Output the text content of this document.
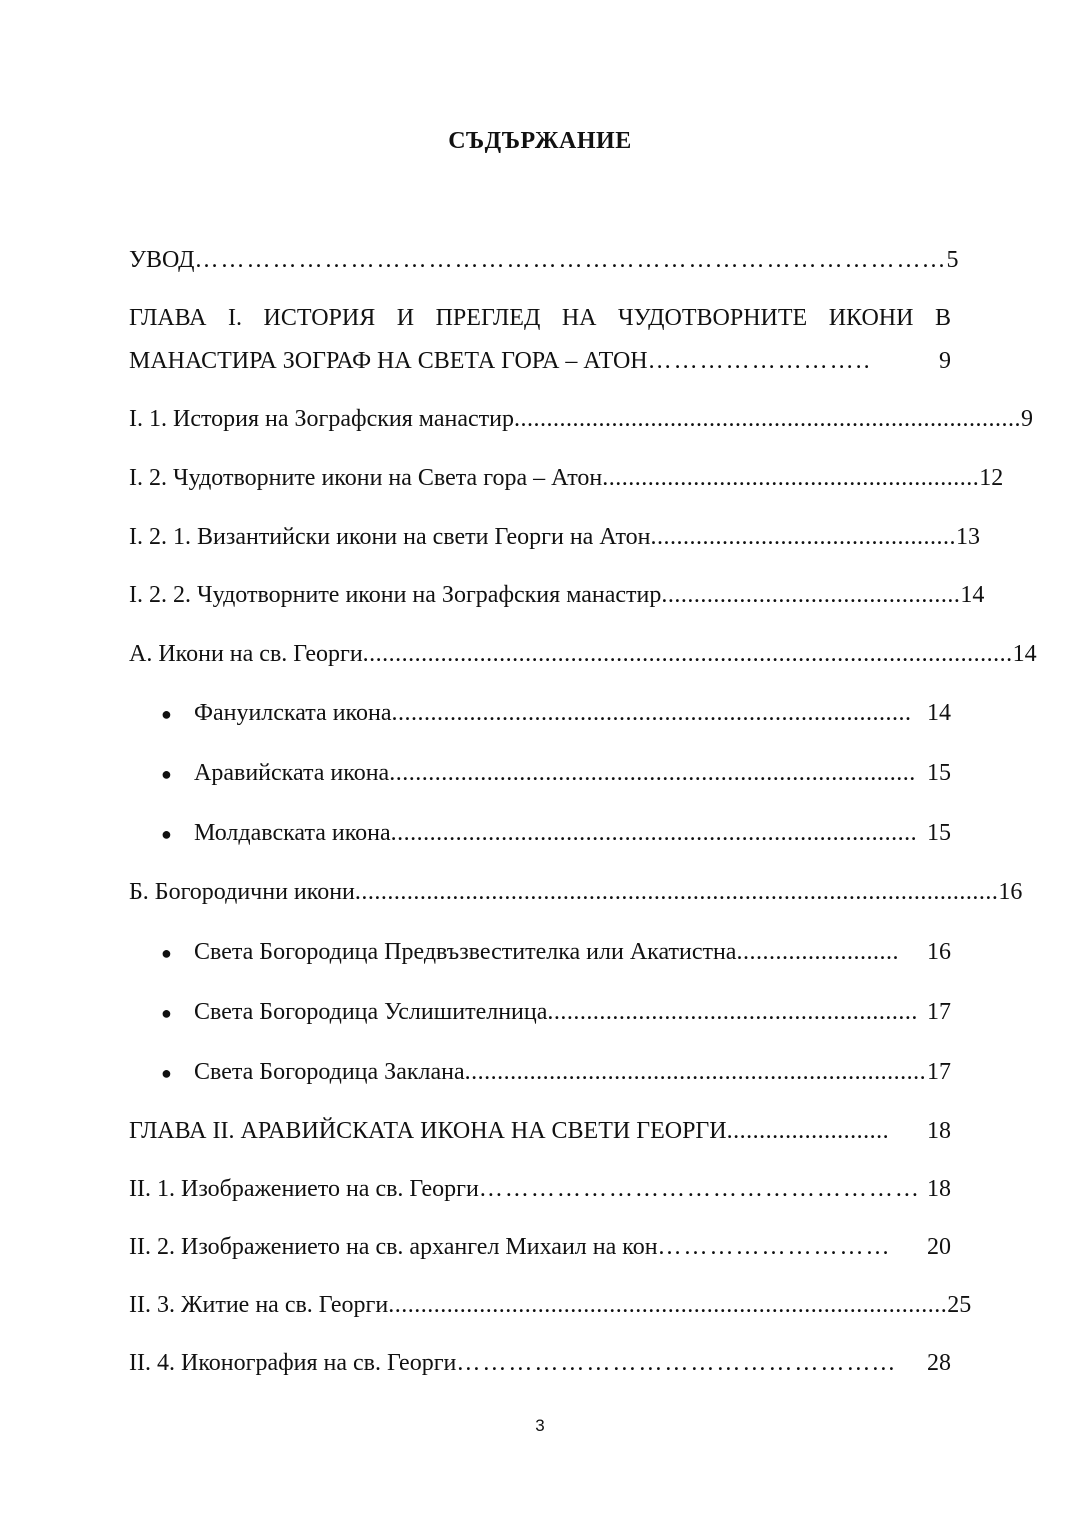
СЪДЪРЖАНИЕ
УВОД …………………………………………………………………………... 5
ГЛАВА I. ИСТОРИЯ И ПРЕГЛЕД НА ЧУДОТВОРНИТЕ ИКОНИ В
МАНАСТИРА ЗОГРАФ НА СВЕТА ГОРА – АТОН ……………………..	9
I. 1. История на Зографския манастир .............................................................................. 9
I. 2. Чудотворните икони на Света гора – Атон .......................................................... 12
I. 2. 1. Византийски икони на свети Георги на Атон ............................................... 13
I. 2. 2. Чудотворните икони на Зографския манастир .............................................. 14
А. Икони на св. Георги .................................................................................................... 14
● Фануилската икона ................................................................................ 14
● Аравийската икона ................................................................................. 15
● Молдавската икона ................................................................................. 15
Б. Богородични икони ................................................................................................... 16
● Света Богородица Предвъзвестителка или Акатистна .........................	16
● Света Богородица Услишителница ......................................................... 17
● Света Богородица Заклана ....................................................................... 17
ГЛАВА II. АРАВИЙСКАТА ИКОНА НА СВЕТИ ГЕОРГИ .........................	18
II. 1. Изображението на св. Георги …………………………………………… 18
II. 2. Изображението на св. архангел Михаил на кон ………………………	20
II. 3. Житие на св. Георги ...................................................................................... 25
II. 4. Иконография на св. Георги …………………………………………...	28
3
